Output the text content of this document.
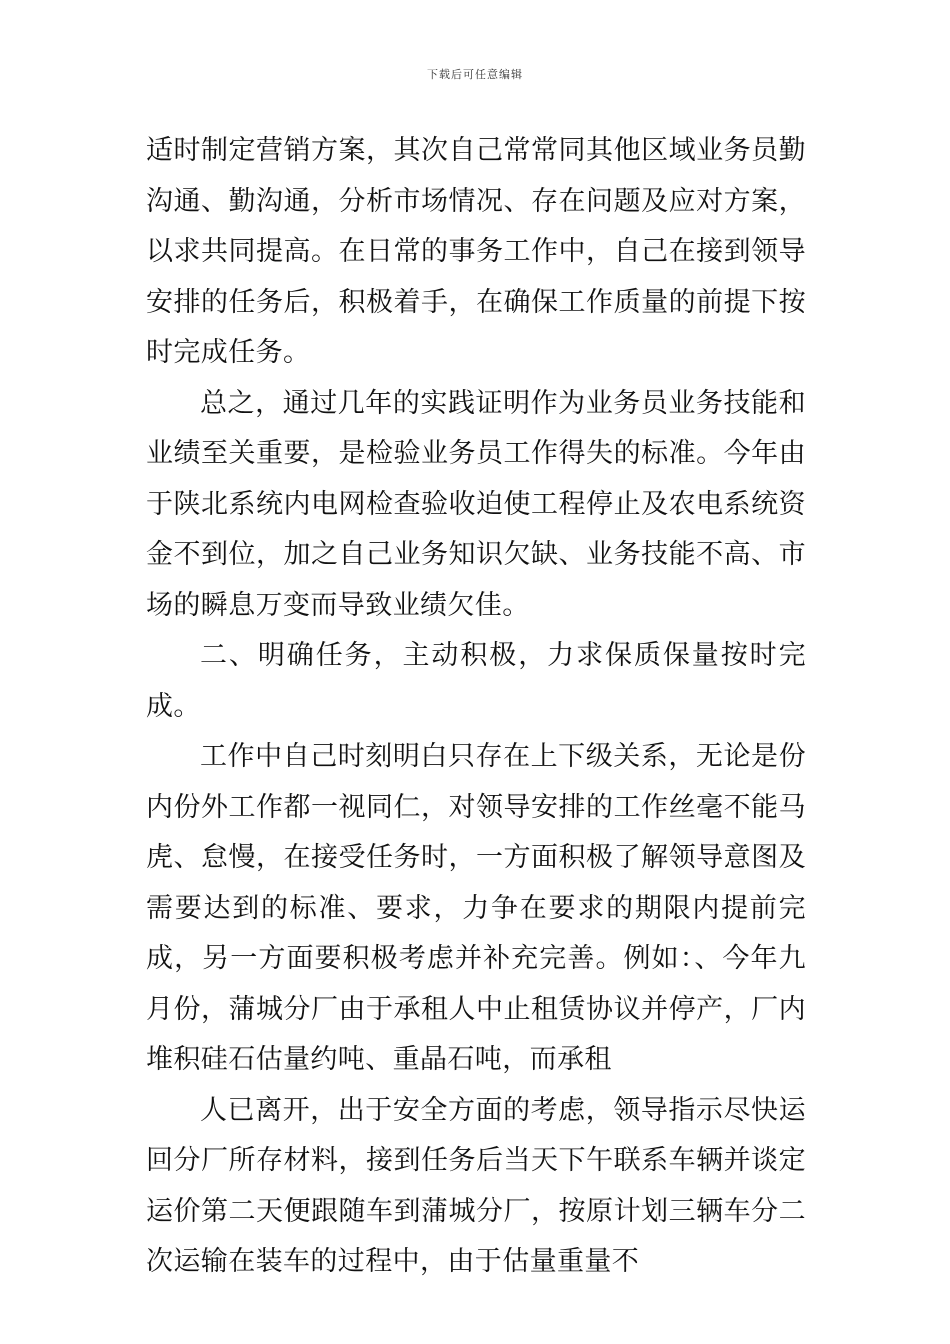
下载后可任意编辑

适时制定营销方案，其次自己常常同其他区域业务员勤沟通、勤沟通，分析市场情况、存在问题及应对方案，以求共同提高。在日常的事务工作中，自己在接到领导安排的任务后，积极着手，在确保工作质量的前提下按时完成任务。

总之，通过几年的实践证明作为业务员业务技能和业绩至关重要，是检验业务员工作得失的标准。今年由于陕北系统内电网检查验收迫使工程停止及农电系统资金不到位，加之自己业务知识欠缺、业务技能不高、市场的瞬息万变而导致业绩欠佳。

二、明确任务，主动积极，力求保质保量按时完成。

工作中自己时刻明白只存在上下级关系，无论是份内份外工作都一视同仁，对领导安排的工作丝毫不能马虎、怠慢，在接受任务时，一方面积极了解领导意图及需要达到的标准、要求，力争在要求的期限内提前完成，另一方面要积极考虑并补充完善。例如：、今年九月份，蒲城分厂由于承租人中止租赁协议并停产，厂内堆积硅石估量约吨、重晶石吨，而承租

人已离开，出于安全方面的考虑，领导指示尽快运回分厂所存材料，接到任务后当天下午联系车辆并谈定运价第二天便跟随车到蒲城分厂，按原计划三辆车分二次运输在装车的过程中，由于估量重量不
